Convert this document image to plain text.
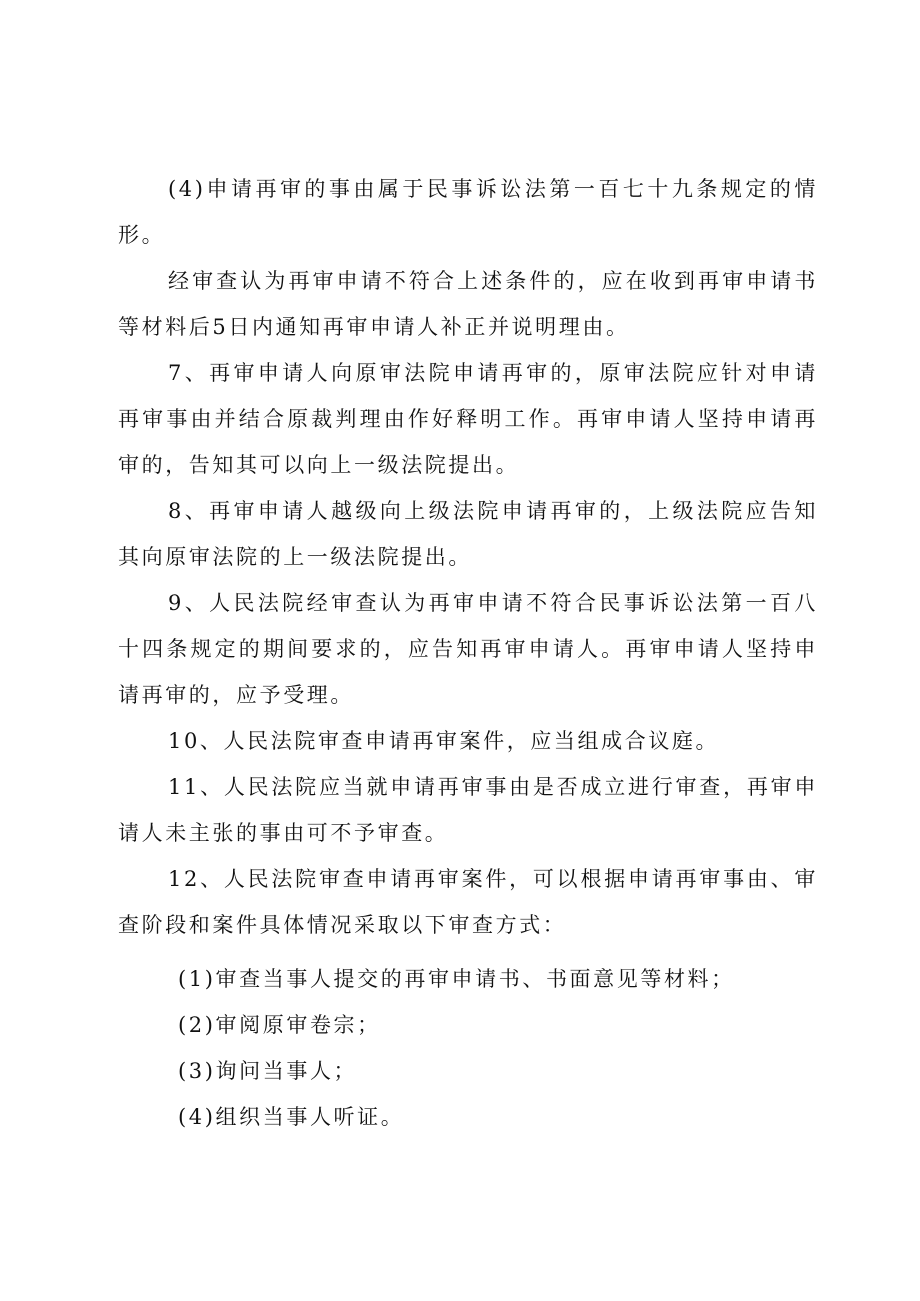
(4)申请再审的事由属于民事诉讼法第一百七十九条规定的情形。

经审查认为再审申请不符合上述条件的，应在收到再审申请书等材料后5日内通知再审申请人补正并说明理由。

7、再审申请人向原审法院申请再审的，原审法院应针对申请再审事由并结合原裁判理由作好释明工作。再审申请人坚持申请再审的，告知其可以向上一级法院提出。

8、再审申请人越级向上级法院申请再审的，上级法院应告知其向原审法院的上一级法院提出。

9、人民法院经审查认为再审申请不符合民事诉讼法第一百八十四条规定的期间要求的，应告知再审申请人。再审申请人坚持申请再审的，应予受理。

10、人民法院审查申请再审案件，应当组成合议庭。

11、人民法院应当就申请再审事由是否成立进行审查，再审申请人未主张的事由可不予审查。

12、人民法院审查申请再审案件，可以根据申请再审事由、审查阶段和案件具体情况采取以下审查方式：

(1)审查当事人提交的再审申请书、书面意见等材料；

(2)审阅原审卷宗；

(3)询问当事人；

(4)组织当事人听证。
